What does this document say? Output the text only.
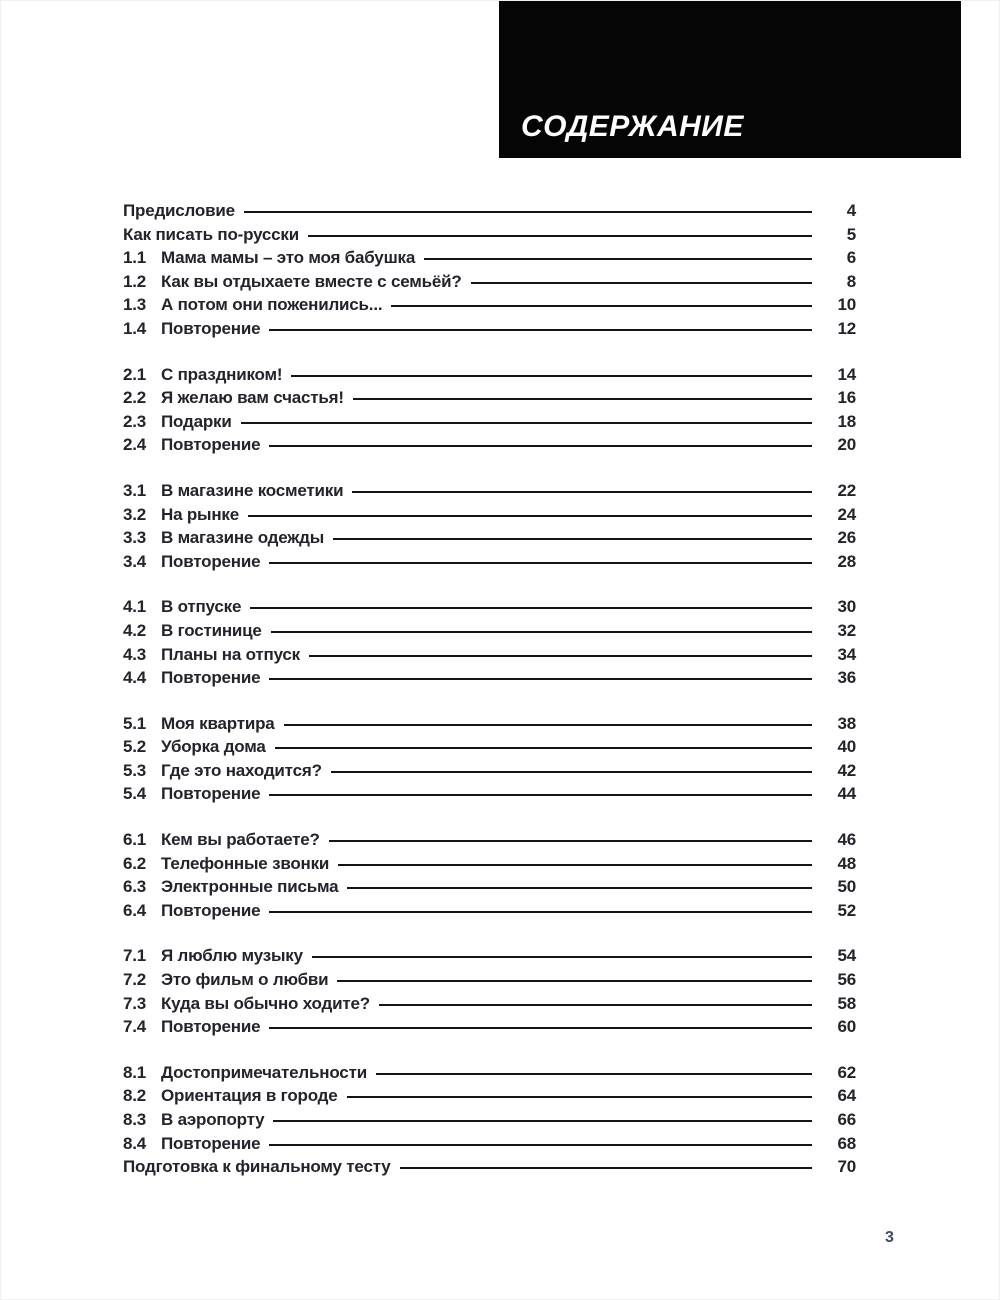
СОДЕРЖАНИЕ
Предисловие	4
Как писать по-русски	5
1.1 Мама мамы – это моя бабушка	6
1.2 Как вы отдыхаете вместе с семьёй?	8
1.3 А потом они поженились...	10
1.4 Повторение	12
2.1 С праздником!	14
2.2 Я желаю вам счастья!	16
2.3 Подарки	18
2.4 Повторение	20
3.1 В магазине косметики	22
3.2 На рынке	24
3.3 В магазине одежды	26
3.4 Повторение	28
4.1 В отпуске	30
4.2 В гостинице	32
4.3 Планы на отпуск	34
4.4 Повторение	36
5.1 Моя квартира	38
5.2 Уборка дома	40
5.3 Где это находится?	42
5.4 Повторение	44
6.1 Кем вы работаете?	46
6.2 Телефонные звонки	48
6.3 Электронные письма	50
6.4 Повторение	52
7.1 Я люблю музыку	54
7.2 Это фильм о любви	56
7.3 Куда вы обычно ходите?	58
7.4 Повторение	60
8.1 Достопримечательности	62
8.2 Ориентация в городе	64
8.3 В аэропорту	66
8.4 Повторение	68
Подготовка к финальному тесту	70
3
